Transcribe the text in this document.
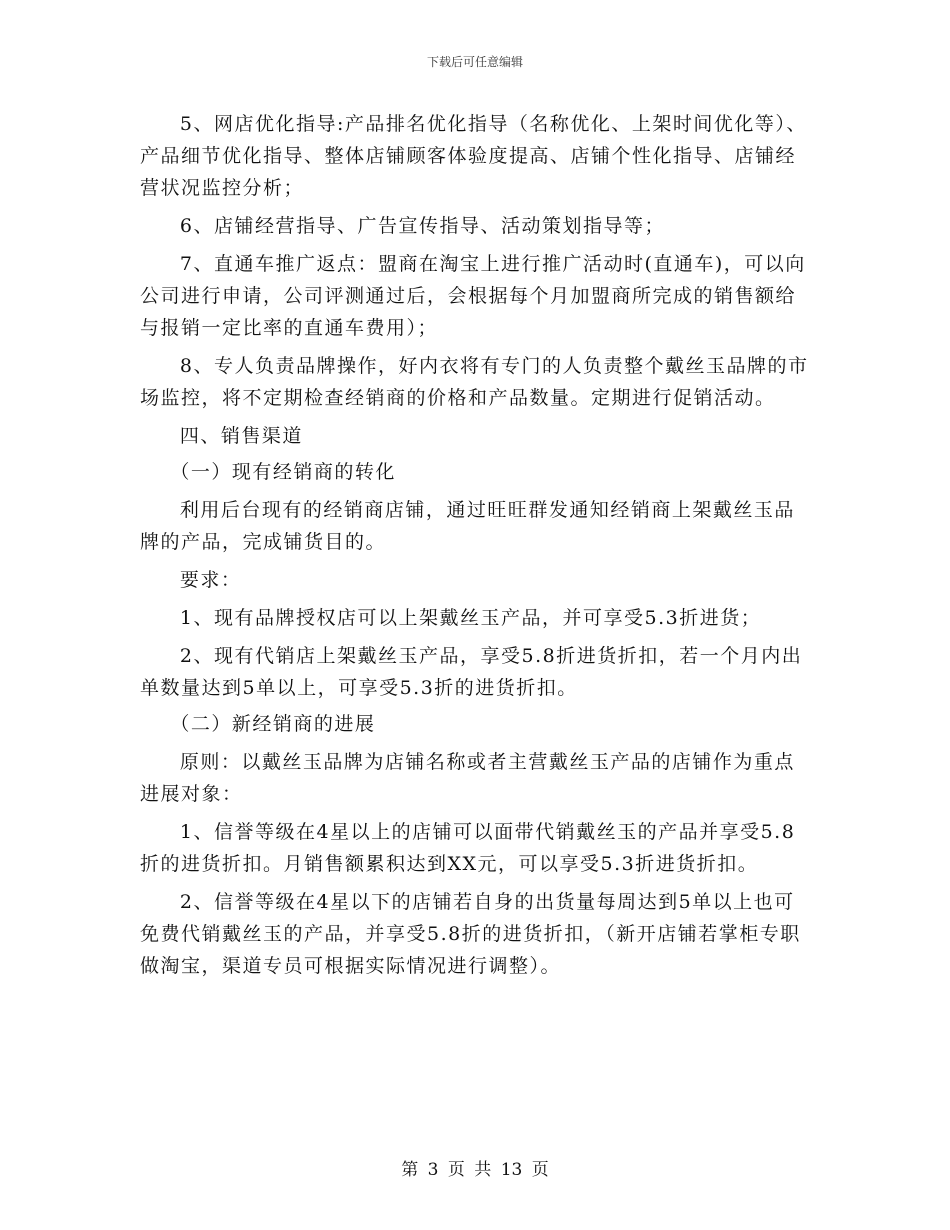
下载后可任意编辑

5、网店优化指导:产品排名优化指导（名称优化、上架时间优化等）、产品细节优化指导、整体店铺顾客体验度提高、店铺个性化指导、店铺经营状况监控分析；

6、店铺经营指导、广告宣传指导、活动策划指导等；

7、直通车推广返点：盟商在淘宝上进行推广活动时(直通车)，可以向公司进行申请，公司评测通过后，会根据每个月加盟商所完成的销售额给与报销一定比率的直通车费用）；

8、专人负责品牌操作，好内衣将有专门的人负责整个戴丝玉品牌的市场监控，将不定期检查经销商的价格和产品数量。定期进行促销活动。

四、销售渠道

（一）现有经销商的转化

利用后台现有的经销商店铺，通过旺旺群发通知经销商上架戴丝玉品牌的产品，完成铺货目的。

要求：

1、现有品牌授权店可以上架戴丝玉产品，并可享受5.3折进货；

2、现有代销店上架戴丝玉产品，享受5.8折进货折扣，若一个月内出单数量达到5单以上，可享受5.3折的进货折扣。

（二）新经销商的进展

原则：以戴丝玉品牌为店铺名称或者主营戴丝玉产品的店铺作为重点进展对象：

1、信誉等级在4星以上的店铺可以面带代销戴丝玉的产品并享受5.8折的进货折扣。月销售额累积达到XX元，可以享受5.3折进货折扣。

2、信誉等级在4星以下的店铺若自身的出货量每周达到5单以上也可免费代销戴丝玉的产品，并享受5.8折的进货折扣，（新开店铺若掌柜专职做淘宝，渠道专员可根据实际情况进行调整）。

第 3 页 共 13 页
